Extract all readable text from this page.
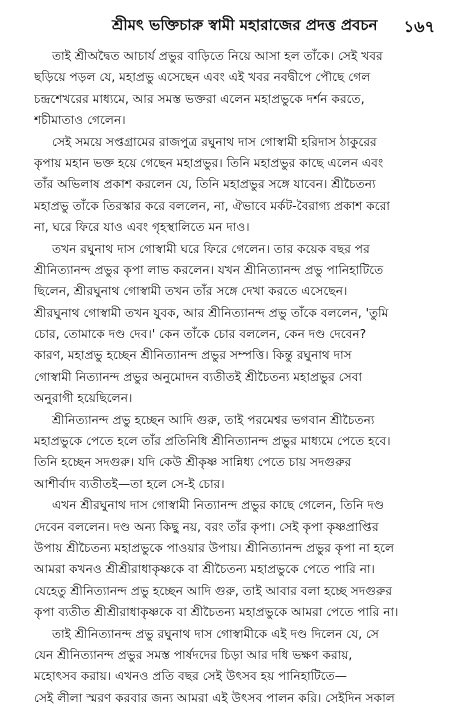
শ্রীমৎ ভক্তিচারু স্বামী মহারাজের প্রদত্ত প্রবচন ১৬৭
তাই শ্রীঅদ্বৈত আচার্য প্রভুর বাড়িতে নিয়ে আসা হল তাঁকে। সেই খবর
ছড়িয়ে পড়ল যে, মহাপ্রভু এসেছেন এবং এই খবর নবদ্বীপে পৌছে গেল
চন্দ্রশেখরের মাধ্যমে, আর সমস্ত ভক্তরা এলেন মহাপ্রভুকে দর্শন করতে,
শচীমাতাও গেলেন।
সেই সময়ে সপ্তগ্রামের রাজপুত্র রঘুনাথ দাস গোস্বামী হরিদাস ঠাকুরের
কৃপায় মহান ভক্ত হয়ে গেছেন মহাপ্রভুর। তিনি মহাপ্রভুর কাছে এলেন এবং
তাঁর অভিলাষ প্রকাশ করলেন যে, তিনি মহাপ্রভুর সঙ্গে যাবেন। শ্রীচৈতন্য
মহাপ্রভু তাঁকে তিরস্কার করে বললেন, না, ঐভাবে মর্কট-বৈরাগ্য প্রকাশ করো
না, ঘরে ফিরে যাও এবং গৃহস্থালিতে মন দাও।
তখন রঘুনাথ দাস গোস্বামী ঘরে ফিরে গেলেন। তার কয়েক বছর পর
শ্রীনিত্যানন্দ প্রভুর কৃপা লাভ করলেন। যখন শ্রীনিত্যানন্দ প্রভু পানিহাটিতে
ছিলেন, শ্রীরঘুনাথ গোস্বামী তখন তাঁর সঙ্গে দেখা করতে এসেছেন।
শ্রীরঘুনাথ গোস্বামী তখন যুবক, আর শ্রীনিত্যানন্দ প্রভু তাঁকে বললেন, 'তুমি
চোর, তোমাকে দণ্ড দেব।' কেন তাঁকে চোর বললেন, কেন দণ্ড দেবেন?
কারণ, মহাপ্রভু হচ্ছেন শ্রীনিত্যানন্দ প্রভুর সম্পত্তি। কিন্তু রঘুনাথ দাস
গোস্বামী নিত্যানন্দ প্রভুর অনুমোদন ব্যতীতই শ্রীচৈতন্য মহাপ্রভুর সেবা
অনুরাগী হয়েছিলেন।
শ্রীনিত্যানন্দ প্রভু হচ্ছেন আদি গুরু, তাই পরমেশ্বর ভগবান শ্রীচৈতন্য
মহাপ্রভুকে পেতে হলে তাঁর প্রতিনিধি শ্রীনিত্যানন্দ প্রভুর মাধ্যমে পেতে হবে।
তিনি হচ্ছেন সদগুরু। যদি কেউ শ্রীকৃষ্ণ সান্নিধ্য পেতে চায় সদগুরুর
আশীর্বাদ ব্যতীতই—তা হলে সে-ই চোর।
এখন শ্রীরঘুনাথ দাস গোস্বামী নিত্যানন্দ প্রভুর কাছে গেলেন, তিনি দণ্ড
দেবেন বললেন। দণ্ড অন্য কিছু নয়, বরং তাঁর কৃপা। সেই কৃপা কৃষ্ণপ্রাপ্তির
উপায় শ্রীচৈতন্য মহাপ্রভুকে পাওয়ার উপায়। শ্রীনিত্যানন্দ প্রভুর কৃপা না হলে
আমরা কখনও শ্রীশ্রীরাধাকৃষ্ণকে বা শ্রীচৈতন্য মহাপ্রভুকে পেতে পারি না।
যেহেতু শ্রীনিত্যানন্দ প্রভু হচ্ছেন আদি গুরু, তাই আবার বলা হচ্ছে সদগুরুর
কৃপা ব্যতীত শ্রীশ্রীরাধাকৃষ্ণকে বা শ্রীচৈতন্য মহাপ্রভুকে আমরা পেতে পারি না।
তাই শ্রীনিত্যানন্দ প্রভু রঘুনাথ দাস গোস্বামীকে এই দণ্ড দিলেন যে, সে
যেন শ্রীনিত্যানন্দ প্রভুর সমস্ত পার্ষদদের চিড়া আর দধি ভক্ষণ করায়,
মহোৎসব করায়। এখনও প্রতি বছর সেই উৎসব হয় পানিহাটিতে—
সেই লীলা স্মরণ করবার জন্য আমরা এই উৎসব পালন করি। সেইদিন সকাল
